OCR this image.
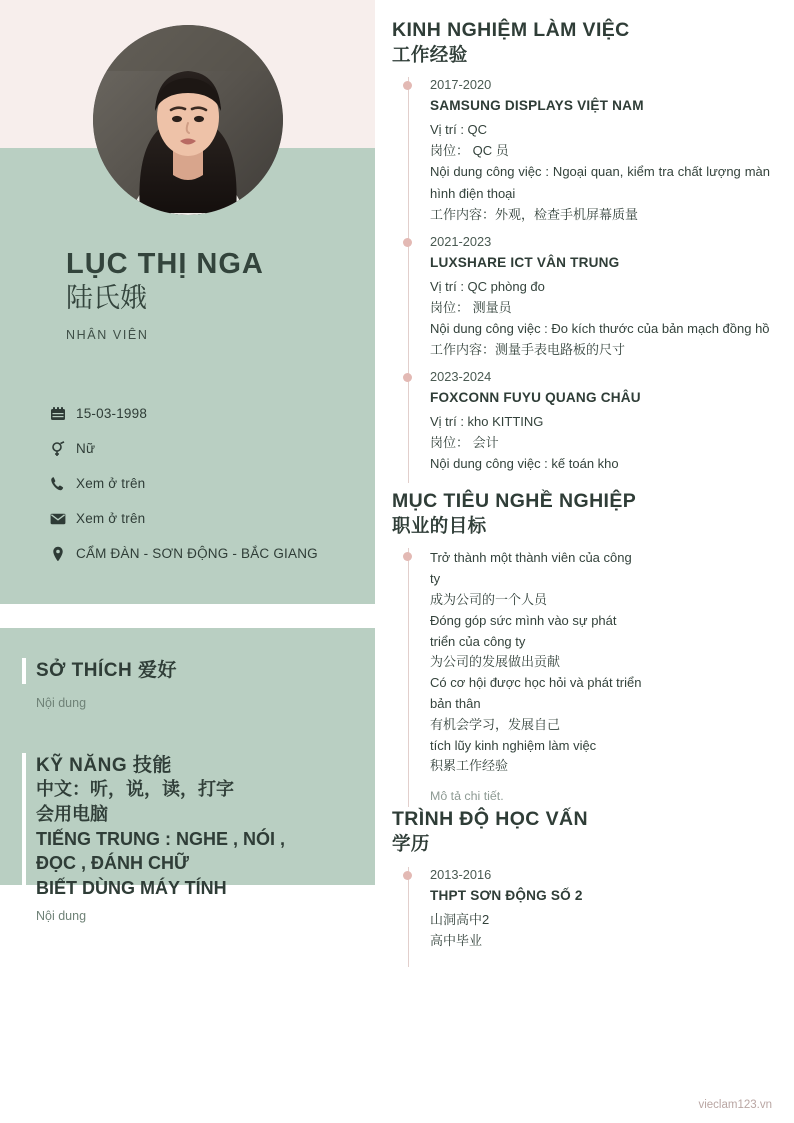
LỤC THỊ NGA
陆氏娥
NHÂN VIÊN
15-03-1998
Nữ
Xem ở trên
Xem ở trên
CẨM ĐÀN - SƠN ĐỘNG - BẮC GIANG
SỞ THÍCH 爱好
Nội dung
KỸ NĂNG 技能
中文：听，说，读，打字
会用电脑
TIẾNG TRUNG : NGHE , NÓI ,
ĐỌC , ĐÁNH CHỮ
BIẾT DÙNG MÁY TÍNH
Nội dung
KINH NGHIỆM LÀM VIỆC
工作经验
2017-2020
SAMSUNG DISPLAYS VIỆT NAM
Vị trí : QC
岗位： QC 员
Nội dung công việc : Ngoại quan, kiểm tra chất lượng màn hình điện thoại
工作内容：外观，检查手机屏幕质量
2021-2023
LUXSHARE ICT VÂN TRUNG
Vị trí : QC phòng đo
岗位： 测量员
Nội dung công việc : Đo kích thước của bản mạch đồng hồ
工作内容：测量手表电路板的尺寸
2023-2024
FOXCONN FUYU QUANG CHÂU
Vị trí : kho KITTING
岗位： 会计
Nội dung công việc : kế toán kho
MỤC TIÊU NGHỀ NGHIỆP
职业的目标
Trở thành một thành viên của công ty
成为公司的一个人员
Đóng góp sức mình vào sự phát triển của công ty
为公司的发展做出贡献
Có cơ hội được học hỏi và phát triển bản thân
有机会学习，发展自己
tích lũy kinh nghiệm làm việc
积累工作经验
Mô tả chi tiết.
TRÌNH ĐỘ HỌC VẤN
学历
2013-2016
THPT SƠN ĐỘNG SỐ 2
山洞高中2
高中毕业
vieclam123.vn
